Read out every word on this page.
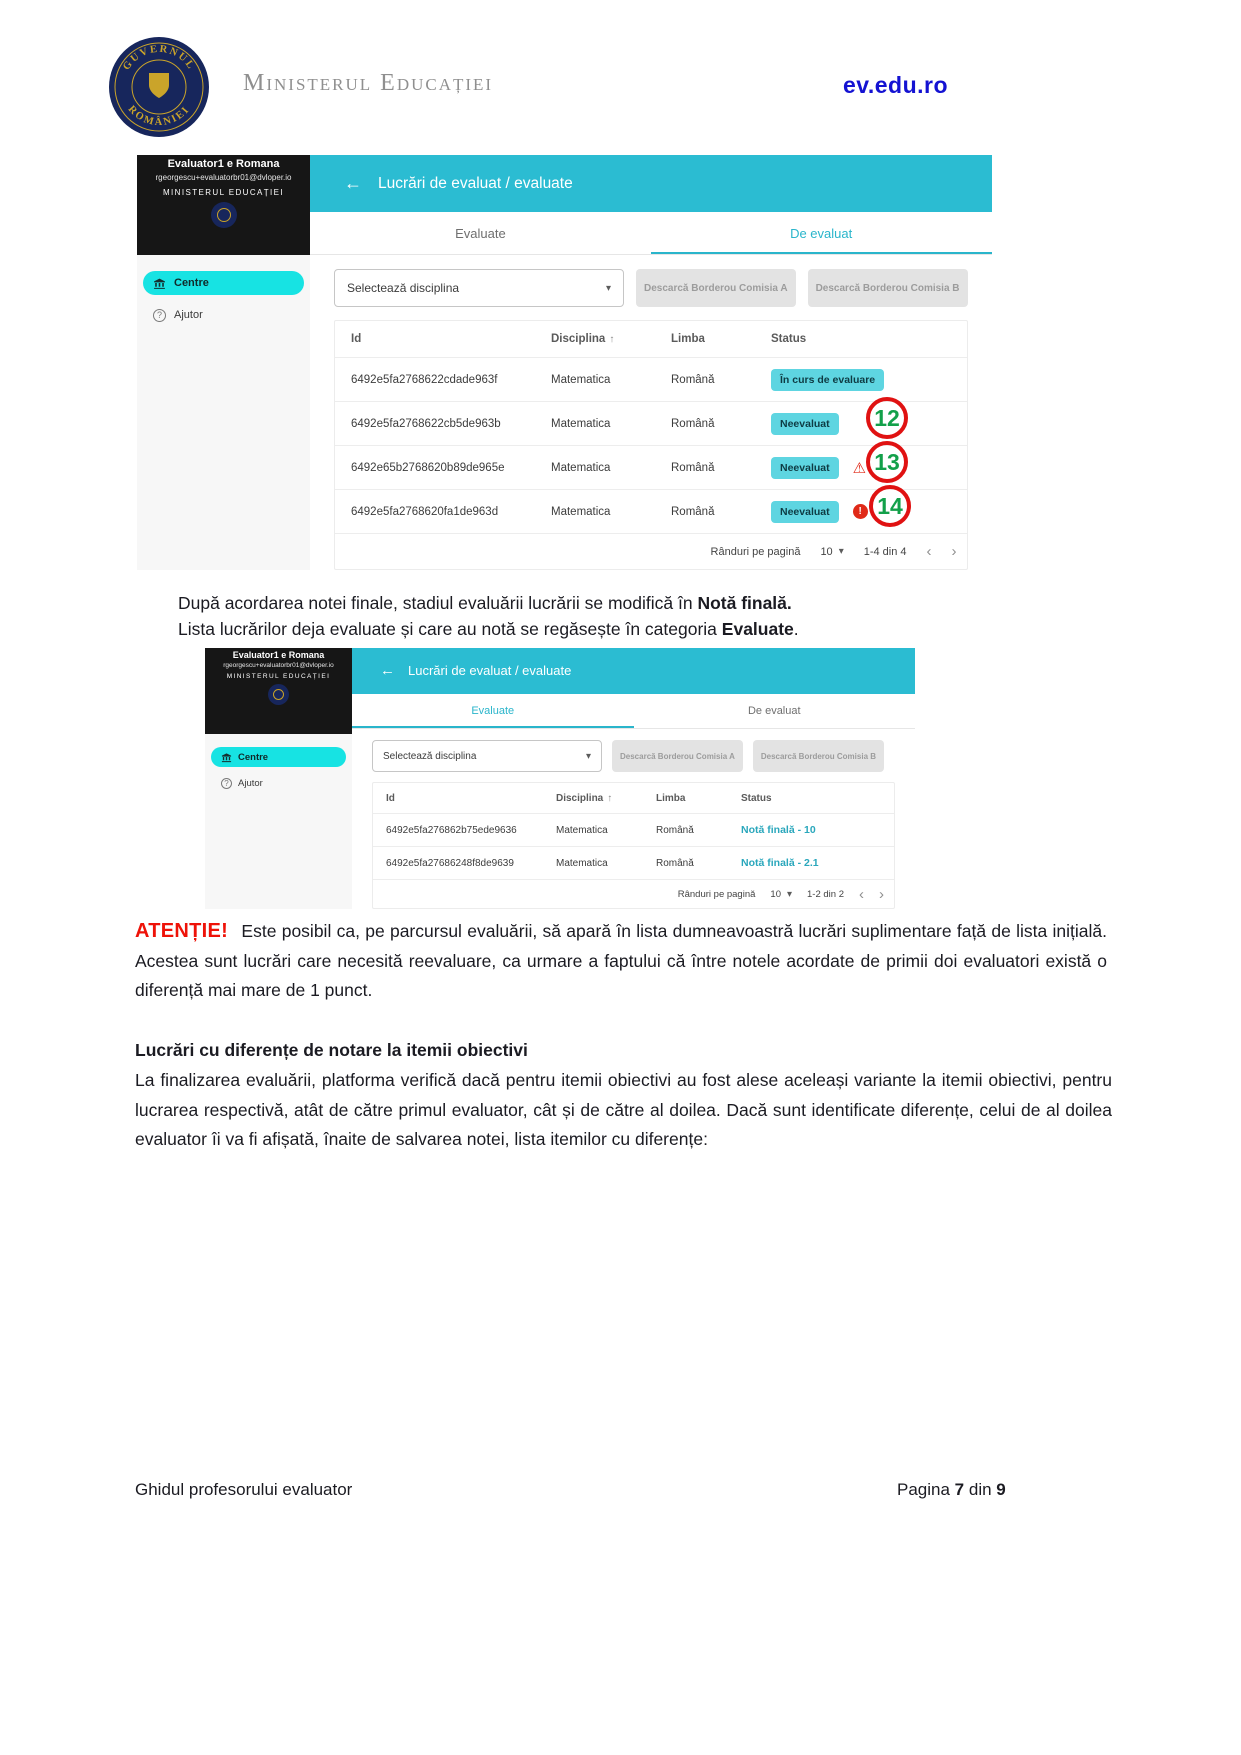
GUVERNUL
ROMÂNIEI
Ministerul Educației	ev.edu.ro
Evaluator1 e Romana
rgeorgescu+evaluatorbr01@dvloper.io
MINISTERUL EDUCAȚIEI
Centre
?	Ajutor
← Lucrări de evaluat / evaluate
Evaluate	De evaluat
Selectează disciplina	▾	Descarcă Borderou Comisia A	Descarcă Borderou Comisia B
Id	Disciplina ↑	Limba	Status
6492e5fa2768622cdade963f	Matematica	Română	În curs de evaluare
6492e5fa2768622cb5de963b	Matematica	Română	Neevaluat
6492e65b2768620b89de965e	Matematica	Română	Neevaluat	⚠
6492e5fa2768620fa1de963d	Matematica	Română	Neevaluat	!
Rânduri pe pagină 10 ▾ 1-4 din 4 ‹ ›
12
13
14

După acordarea notei finale, stadiul evaluării lucrării se modifică în Notă finală.
Lista lucrărilor deja evaluate și care au notă se regăsește în categoria Evaluate.

Evaluator1 e Romana
rgeorgescu+evaluatorbr01@dvloper.io
MINISTERUL EDUCAȚIEI
Centre
? Ajutor
← Lucrări de evaluat / evaluate
Evaluate	De evaluat
Selectează disciplina	▾	Descarcă Borderou Comisia A	Descarcă Borderou Comisia B
Id	Disciplina ↑	Limba	Status
6492e5fa276862b75ede9636	Matematica	Română	Notă finală - 10
6492e5fa27686248f8de9639	Matematica	Română	Notă finală - 2.1
Rânduri pe pagină 10 ▾ 1-2 din 2 ‹ ›

ATENȚIE! Este posibil ca, pe parcursul evaluării, să apară în lista dumneavoastră lucrări suplimentare față de lista inițială. Acestea sunt lucrări care necesită reevaluare, ca urmare a faptului că între notele acordate de primii doi evaluatori există o diferență mai mare de 1 punct.

Lucrări cu diferențe de notare la itemii obiectivi

La finalizarea evaluării, platforma verifică dacă pentru itemii obiectivi au fost alese aceleași variante la itemii obiectivi, pentru lucrarea respectivă, atât de către primul evaluator, cât și de către al doilea. Dacă sunt identificate diferențe, celui de al doilea evaluator îi va fi afișată, înaite de salvarea notei, lista itemilor cu diferențe:

Ghidul profesorului evaluator	Pagina 7 din 9
